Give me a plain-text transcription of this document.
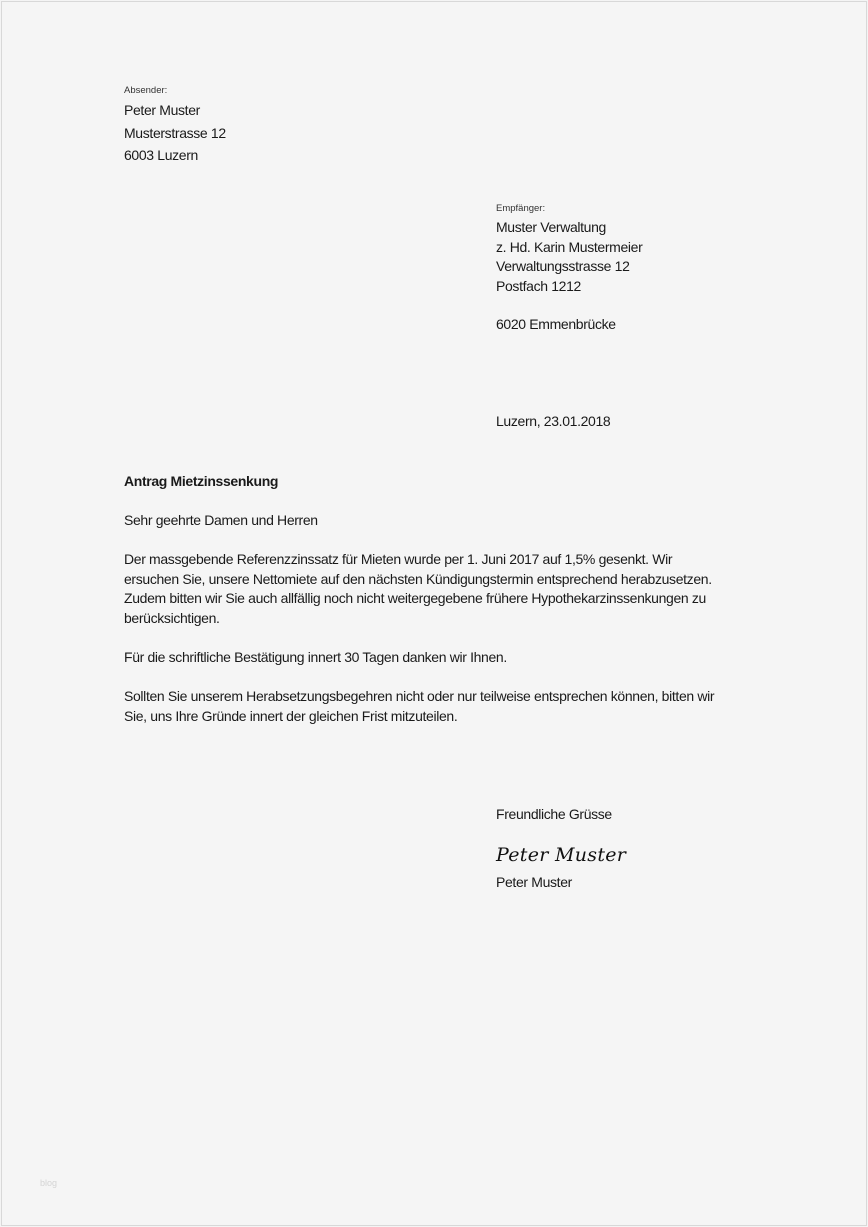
Absender:
Peter Muster
Musterstrasse 12
6003 Luzern
Empfänger:
Muster Verwaltung
z. Hd. Karin Mustermeier
Verwaltungsstrasse 12
Postfach 1212
6020 Emmenbrücke
Luzern, 23.01.2018
Antrag Mietzinssenkung
Sehr geehrte Damen und Herren
Der massgebende Referenzzinssatz für Mieten wurde per 1. Juni 2017 auf 1,5% gesenkt. Wir
ersuchen Sie, unsere Nettomiete auf den nächsten Kündigungstermin entsprechend herabzusetzen.
Zudem bitten wir Sie auch allfällig noch nicht weitergegebene frühere Hypothekarzinssenkungen zu
berücksichtigen.
Für die schriftliche Bestätigung innert 30 Tagen danken wir Ihnen.
Sollten Sie unserem Herabsetzungsbegehren nicht oder nur teilweise entsprechen können, bitten wir
Sie, uns Ihre Gründe innert der gleichen Frist mitzuteilen.
Freundliche Grüsse
Peter Muster
Peter Muster
blog
